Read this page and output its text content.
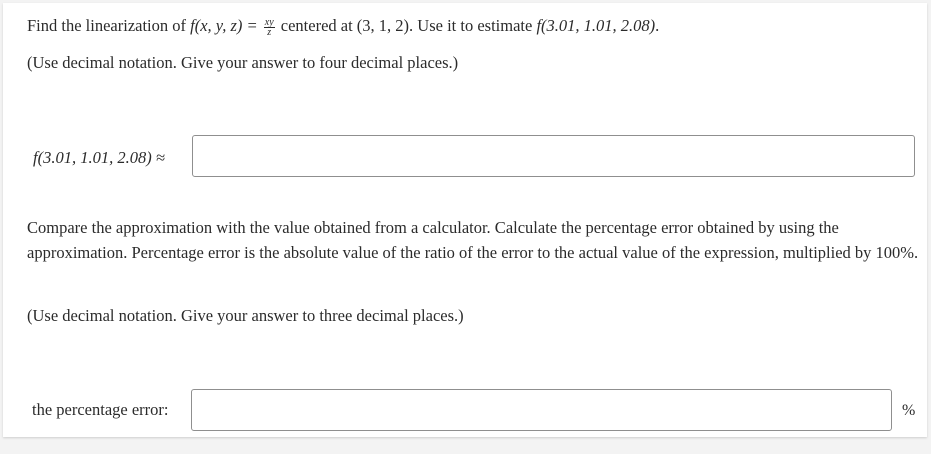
Find the linearization of f(x, y, $z) = \frac{xy}{z}$ centered at (3, 1, 2). Use it to estimate f(3.01, 1.01, 2.08).
(Use decimal notation. Give your answer to four decimal places.)
f(3.01, 1.01, 2.08) ≈
Compare the approximation with the value obtained from a calculator. Calculate the percentage error obtained by using the approximation. Percentage error is the absolute value of the ratio of the error to the actual value of the expression, multiplied by 100%.
(Use decimal notation. Give your answer to three decimal places.)
the percentage error:	%
